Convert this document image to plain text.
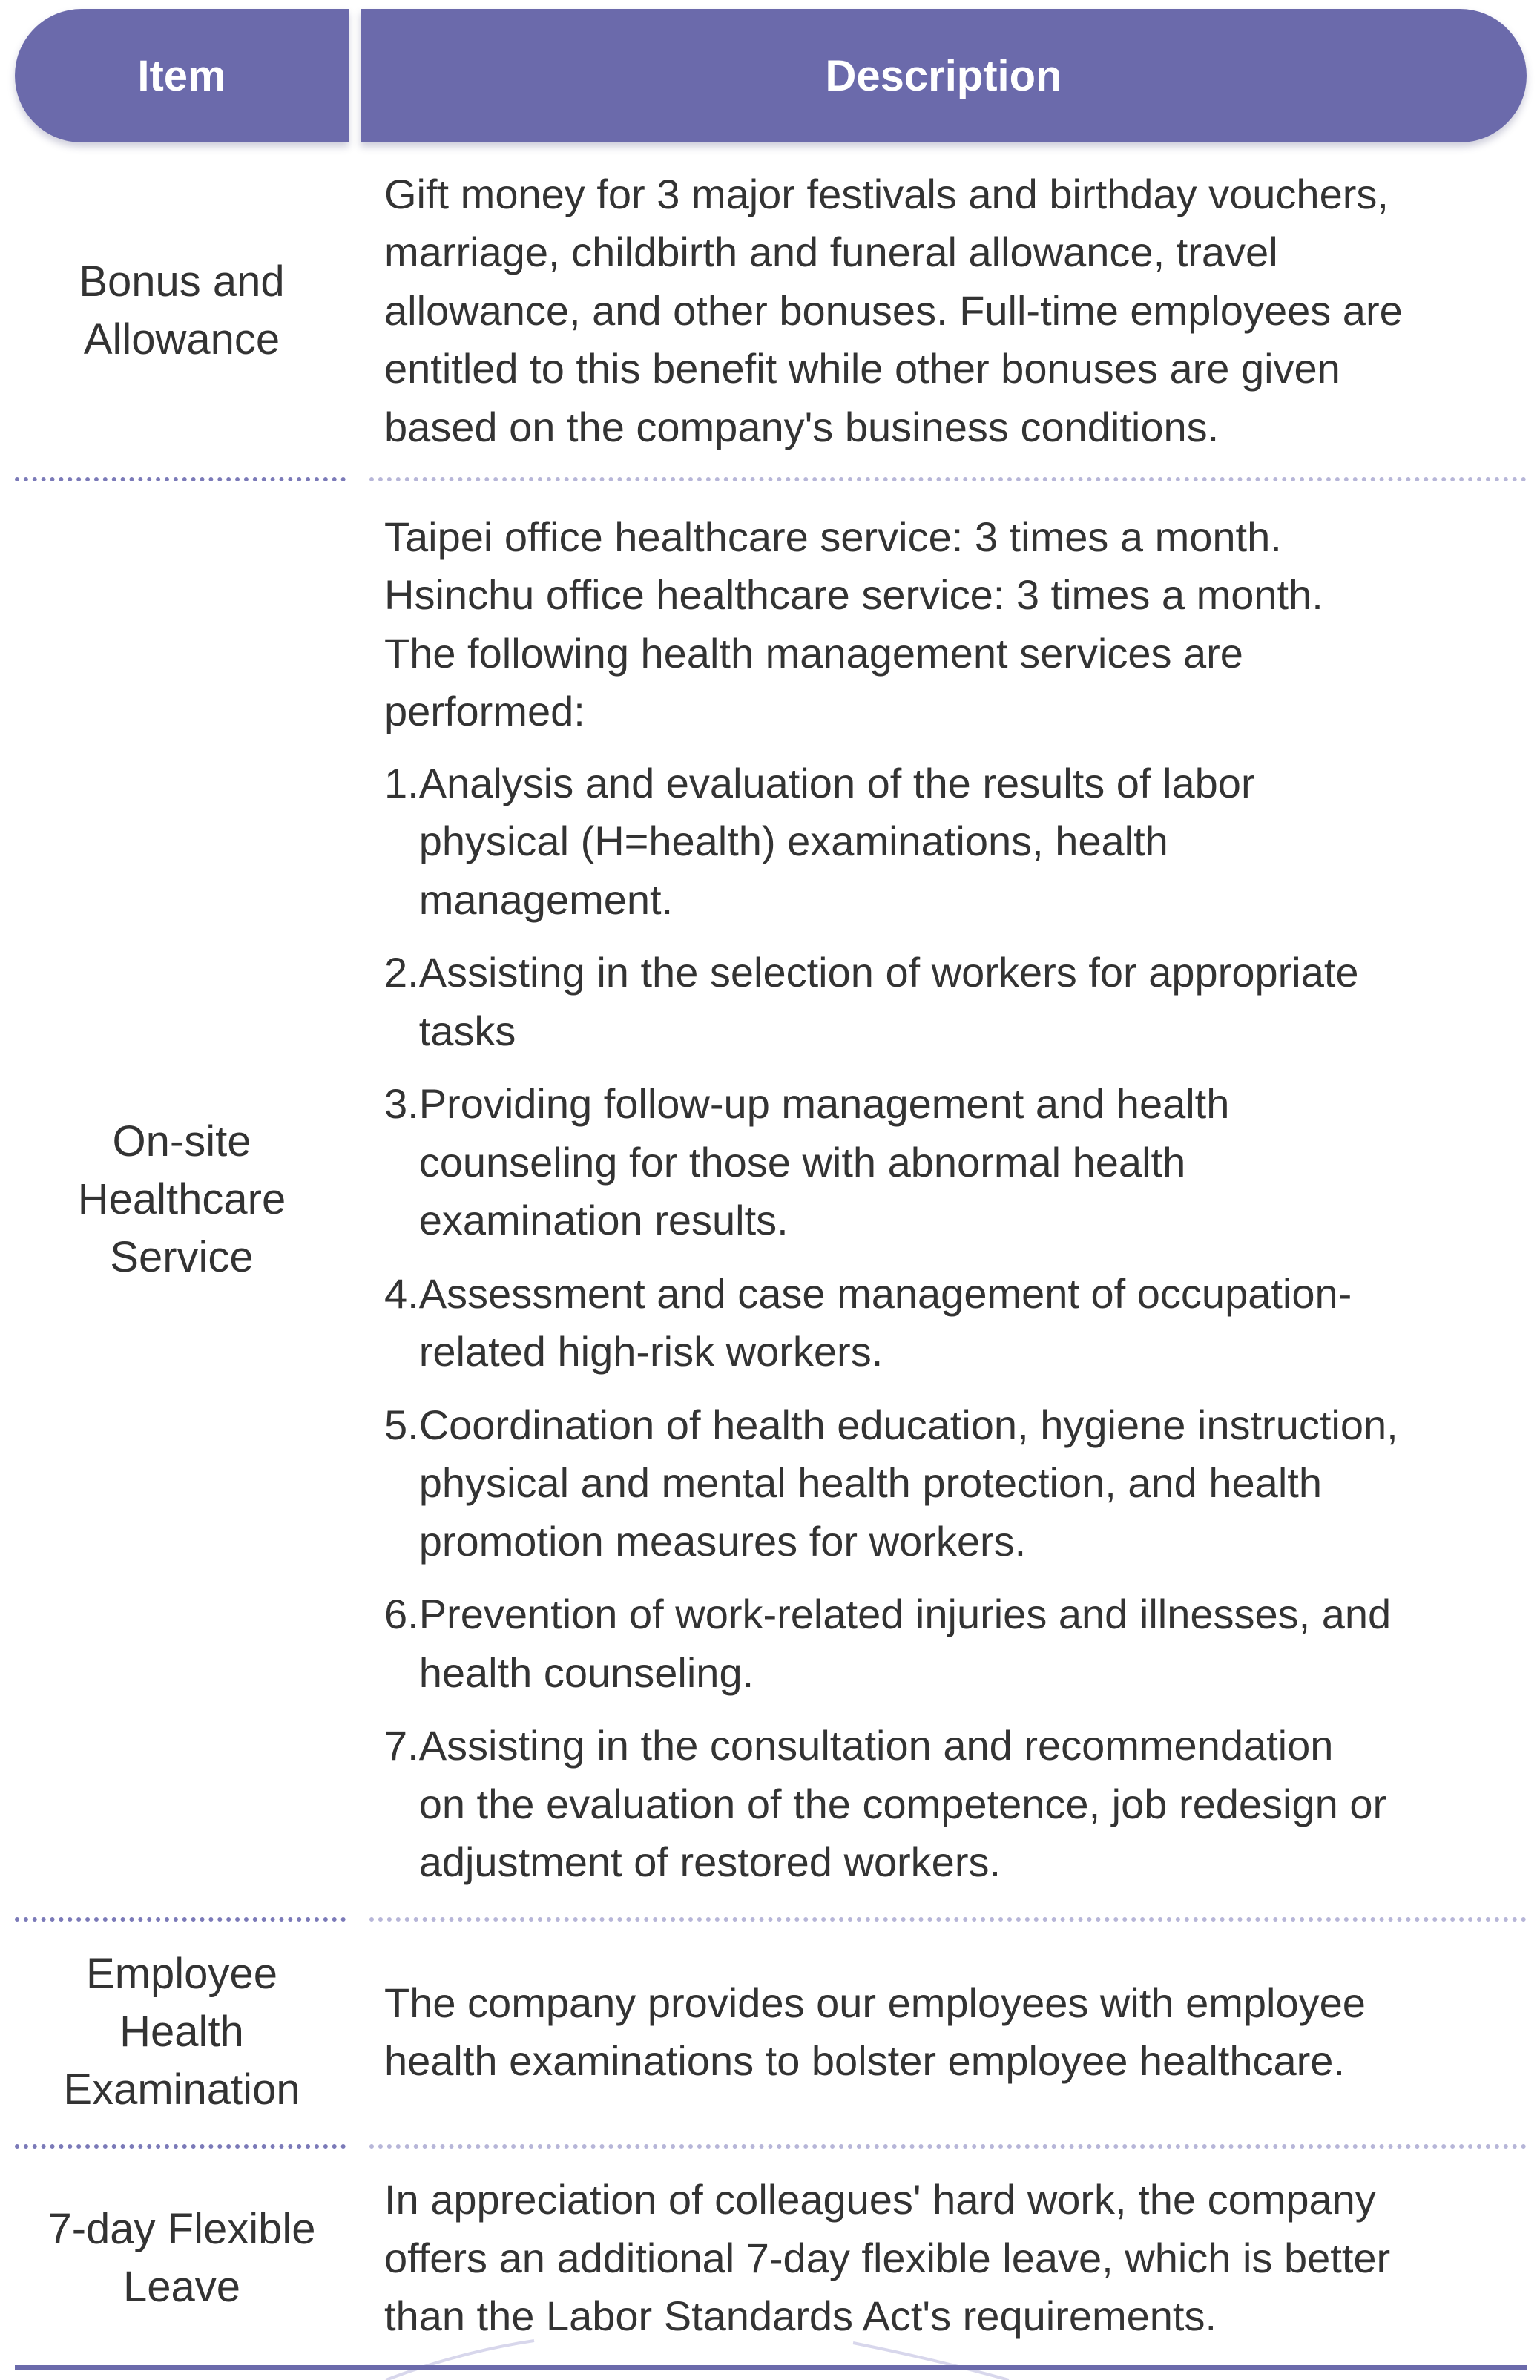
Item	Description
Bonus and
Allowance
Gift money for 3 major festivals and birthday vouchers,
marriage, childbirth and funeral allowance, travel
allowance, and other bonuses. Full-time employees are
entitled to this benefit while other bonuses are given
based on the company's business conditions.
On-site
Healthcare
Service
Taipei office healthcare service: 3 times a month.
Hsinchu office healthcare service: 3 times a month.
The following health management services are
performed:
1. Analysis and evaluation of the results of labor
physical (H=health) examinations, health
management.
2. Assisting in the selection of workers for appropriate
tasks
3. Providing follow-up management and health
counseling for those with abnormal health
examination results.
4. Assessment and case management of occupation-
related high-risk workers.
5. Coordination of health education, hygiene instruction,
physical and mental health protection, and health
promotion measures for workers.
6. Prevention of work-related injuries and illnesses, and
health counseling.
7. Assisting in the consultation and recommendation
on the evaluation of the competence, job redesign or
adjustment of restored workers.
Employee
Health
Examination
The company provides our employees with employee
health examinations to bolster employee healthcare.
7-day Flexible
Leave
In appreciation of colleagues' hard work, the company
offers an additional 7-day flexible leave, which is better
than the Labor Standards Act's requirements.
